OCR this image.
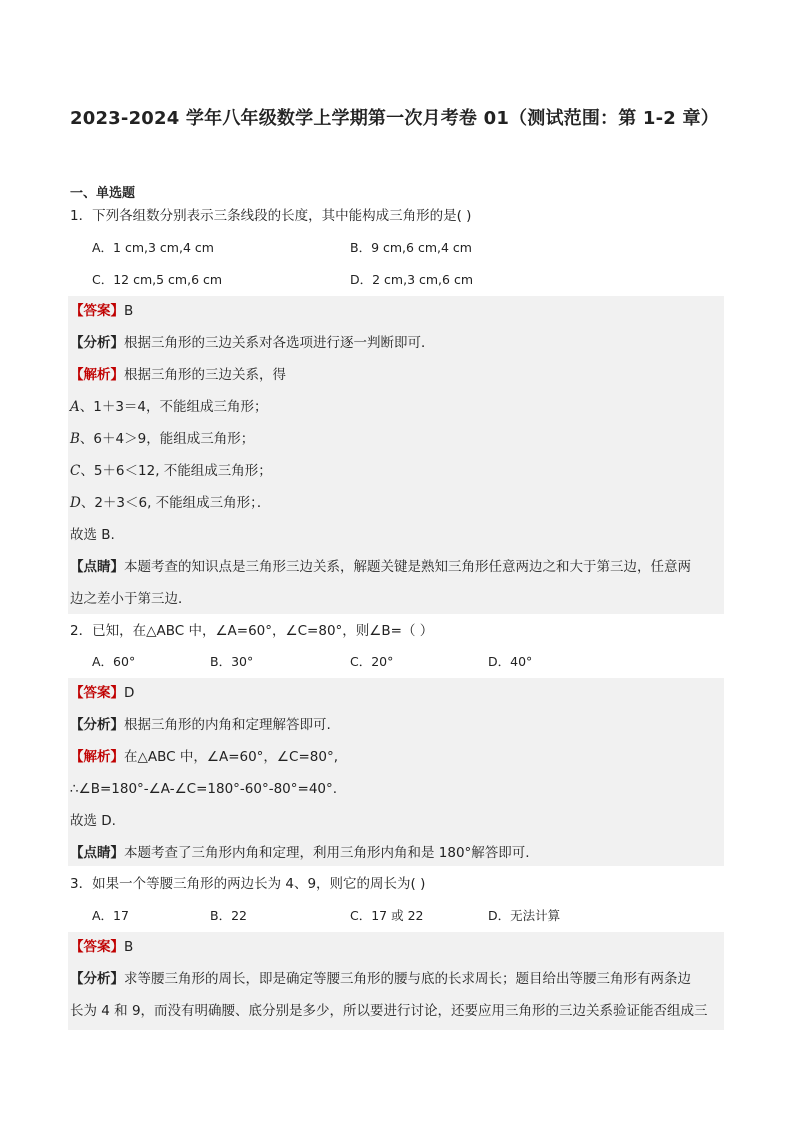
2023-2024 学年八年级数学上学期第一次月考卷 01（测试范围：第 1-2 章）
一、单选题
1．下列各组数分别表示三条线段的长度，其中能构成三角形的是( )
A．1 cm,3 cm,4 cm	B．9 cm,6 cm,4 cm
C．12 cm,5 cm,6 cm	D．2 cm,3 cm,6 cm
【答案】B
【分析】根据三角形的三边关系对各选项进行逐一判断即可．
【解析】根据三角形的三边关系，得
A、1＋3＝4，不能组成三角形；
B、6＋4＞9，能组成三角形；
C、5＋6＜12, 不能组成三角形；
D、2＋3＜6, 不能组成三角形；．
故选 B.
【点睛】本题考查的知识点是三角形三边关系，解题关键是熟知三角形任意两边之和大于第三边，任意两
边之差小于第三边．
2．已知，在△ABC 中，∠A=60°，∠C=80°，则∠B=（ ）
A．60°	B．30°	C．20°	D．40°
【答案】D
【分析】根据三角形的内角和定理解答即可.
【解析】在△ABC 中，∠A=60°，∠C=80°,
∴∠B=180°-∠A-∠C=180°-60°-80°=40°.
故选 D.
【点睛】本题考查了三角形内角和定理，利用三角形内角和是 180°解答即可.
3．如果一个等腰三角形的两边长为 4、9，则它的周长为( )
A．17	B．22	C．17 或 22	D．无法计算
【答案】B
【分析】求等腰三角形的周长，即是确定等腰三角形的腰与底的长求周长；题目给出等腰三角形有两条边
长为 4 和 9，而没有明确腰、底分别是多少，所以要进行讨论，还要应用三角形的三边关系验证能否组成三
